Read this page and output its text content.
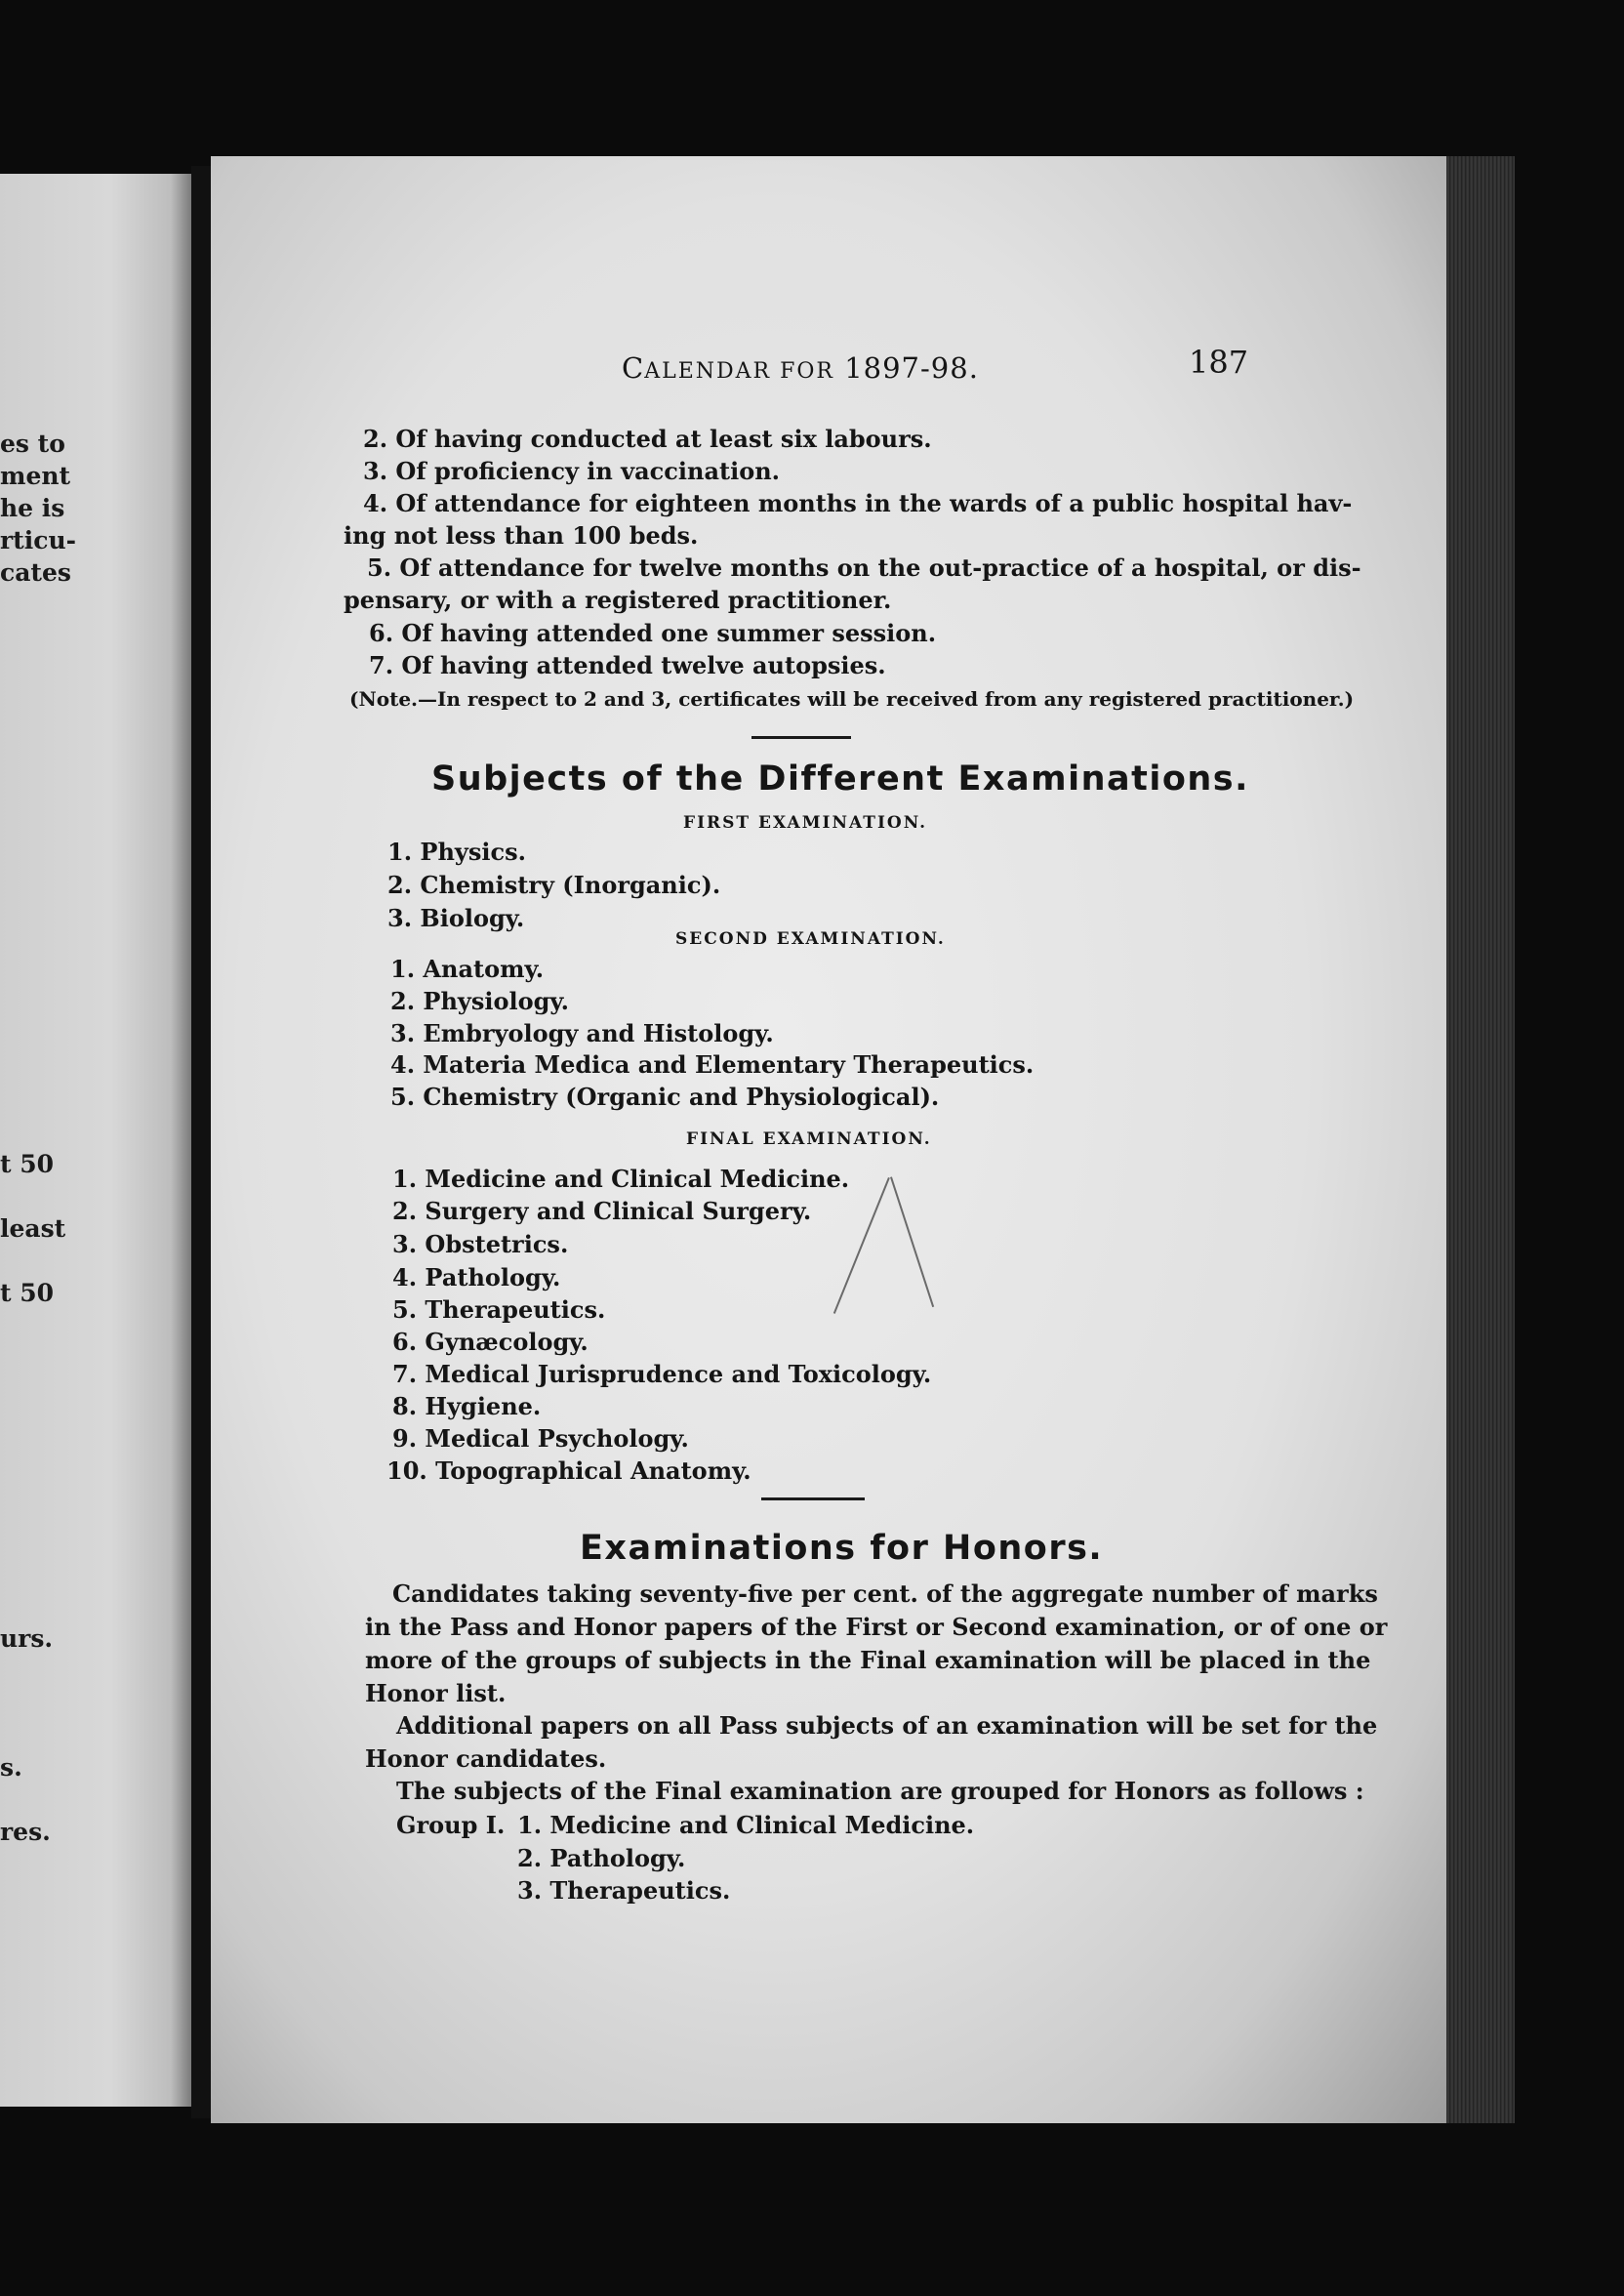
es to
ment
he is
rticu-
cates
t 50
least
t 50
urs.
s.
res.
CALENDAR FOR 1897-98.	187
2. Of having conducted at least six labours.
3. Of proficiency in vaccination.
4. Of attendance for eighteen months in the wards of a public hospital hav-
ing not less than 100 beds.
5. Of attendance for twelve months on the out-practice of a hospital, or dis-
pensary, or with a registered practitioner.
6. Of having attended one summer session.
7. Of having attended twelve autopsies.
(Note.—In respect to 2 and 3, certificates will be received from any registered practitioner.)
Subjects of the Different Examinations.
FIRST EXAMINATION.
1. Physics.
2. Chemistry (Inorganic).
3. Biology.
SECOND EXAMINATION.
1. Anatomy.
2. Physiology.
3. Embryology and Histology.
4. Materia Medica and Elementary Therapeutics.
5. Chemistry (Organic and Physiological).
FINAL EXAMINATION.
1. Medicine and Clinical Medicine.
2. Surgery and Clinical Surgery.
3. Obstetrics.
4. Pathology.
5. Therapeutics.
6. Gynæcology.
7. Medical Jurisprudence and Toxicology.
8. Hygiene.
9. Medical Psychology.
10. Topographical Anatomy.
Examinations for Honors.
Candidates taking seventy-five per cent. of the aggregate number of marks
in the Pass and Honor papers of the First or Second examination, or of one or
more of the groups of subjects in the Final examination will be placed in the
Honor list.
Additional papers on all Pass subjects of an examination will be set for the
Honor candidates.
The subjects of the Final examination are grouped for Honors as follows :
Group I. 1. Medicine and Clinical Medicine.
2. Pathology.
3. Therapeutics.
